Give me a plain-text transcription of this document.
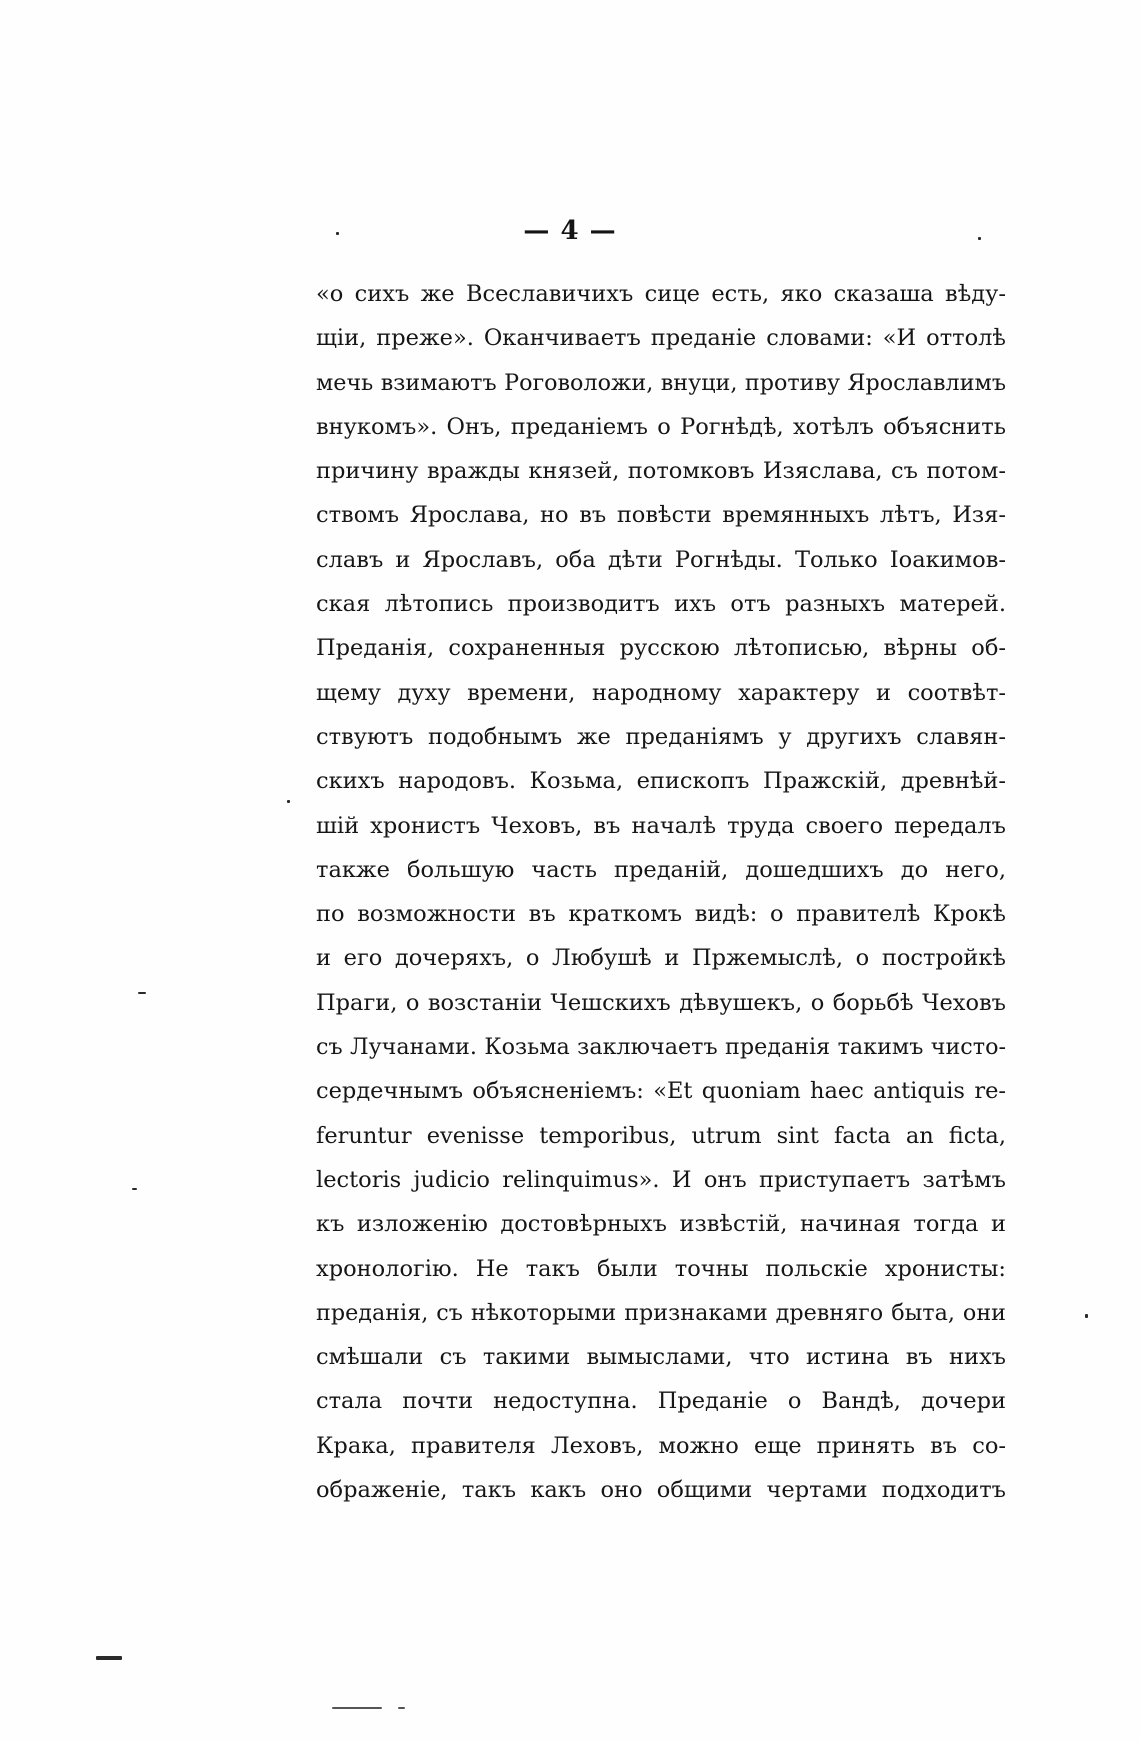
— 4 —
«о сихъ же Всеславичихъ сице есть, яко сказаша вѣду-
щіи, преже». Оканчиваетъ преданіе словами: «И оттолѣ
мечь взимаютъ Роговоложи, внуци, противу Ярославлимъ
внукомъ». Онъ, преданіемъ о Рогнѣдѣ, хотѣлъ объяснить
причину вражды князей, потомковъ Изяслава, съ потом-
ствомъ Ярослава, но въ повѣсти времянныхъ лѣтъ, Изя-
славъ и Ярославъ, оба дѣти Рогнѣды. Только Іоакимов-
ская лѣтопись производитъ ихъ отъ разныхъ матерей.
Преданія, сохраненныя русскою лѣтописью, вѣрны об-
щему духу времени, народному характеру и соотвѣт-
ствуютъ подобнымъ же преданіямъ у другихъ славян-
скихъ народовъ. Козьма, епископъ Пражскій, древнѣй-
шій хронистъ Чеховъ, въ началѣ труда своего передалъ
также большую часть преданій, дошедшихъ до него,
по возможности въ краткомъ видѣ: о правителѣ Крокѣ
и его дочеряхъ, о Любушѣ и Пржемыслѣ, о постройкѣ
Праги, о возстаніи Чешскихъ дѣвушекъ, о борьбѣ Чеховъ
съ Лучанами. Козьма заключаетъ преданія такимъ чисто-
сердечнымъ объясненіемъ: «Et quoniam haec antiquis re-
feruntur evenisse temporibus, utrum sint facta an ficta,
lectoris judicio relinquimus». И онъ приступаетъ затѣмъ
къ изложенію достовѣрныхъ извѣстій, начиная тогда и
хронологію. Не такъ были точны польскіе хронисты:
преданія, съ нѣкоторыми признаками древняго быта, они
смѣшали съ такими вымыслами, что истина въ нихъ
стала почти недоступна. Преданіе о Вандѣ, дочери
Крака, правителя Леховъ, можно еще принять въ со-
ображеніе, такъ какъ оно общими чертами подходитъ
